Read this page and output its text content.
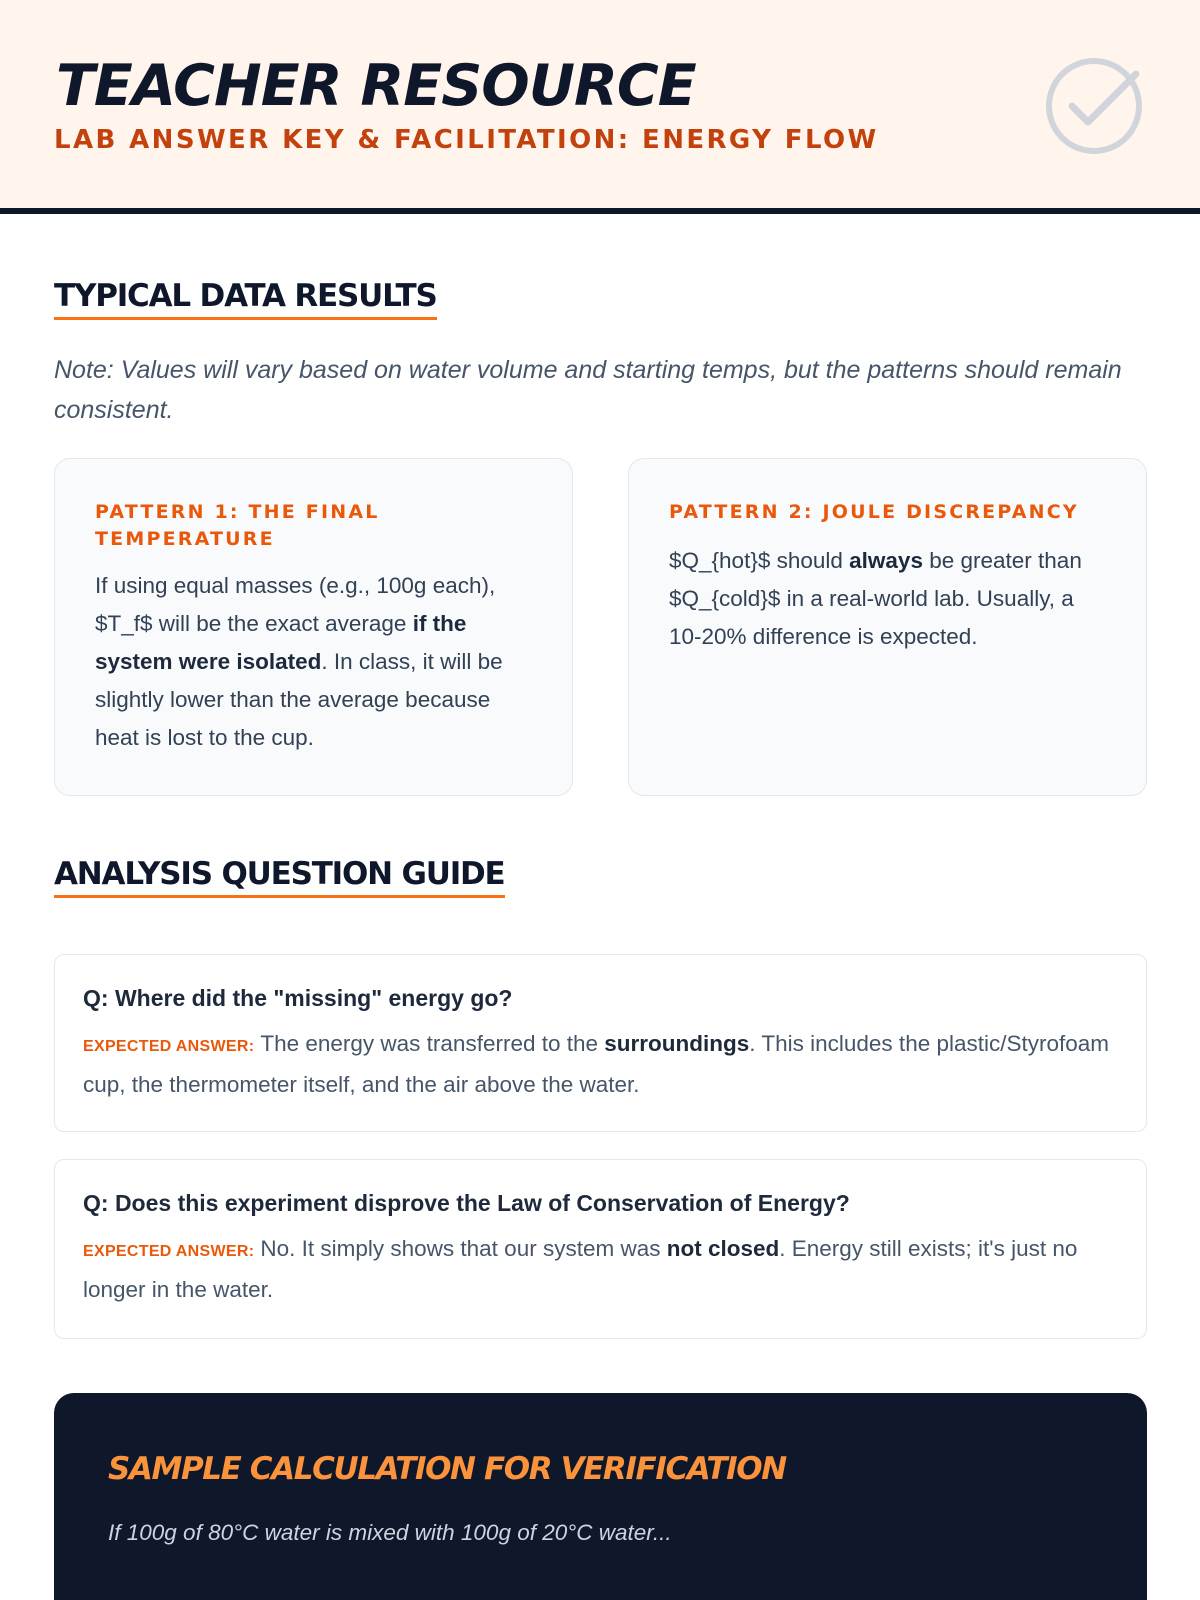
TEACHER RESOURCE
LAB ANSWER KEY & FACILITATION: ENERGY FLOW
TYPICAL DATA RESULTS
Note: Values will vary based on water volume and starting temps, but the patterns should remain consistent.
PATTERN 1: THE FINAL TEMPERATURE
If using equal masses (e.g., 100g each), $T_f$ will be the exact average if the system were isolated. In class, it will be slightly lower than the average because heat is lost to the cup.
PATTERN 2: JOULE DISCREPANCY
$Q_{hot}$ should always be greater than $Q_{cold}$ in a real-world lab. Usually, a 10-20% difference is expected.
ANALYSIS QUESTION GUIDE
Q: Where did the "missing" energy go?
EXPECTED ANSWER: The energy was transferred to the surroundings. This includes the plastic/Styrofoam cup, the thermometer itself, and the air above the water.
Q: Does this experiment disprove the Law of Conservation of Energy?
EXPECTED ANSWER: No. It simply shows that our system was not closed. Energy still exists; it's just no longer in the water.
SAMPLE CALCULATION FOR VERIFICATION
If 100g of 80°C water is mixed with 100g of 20°C water...
